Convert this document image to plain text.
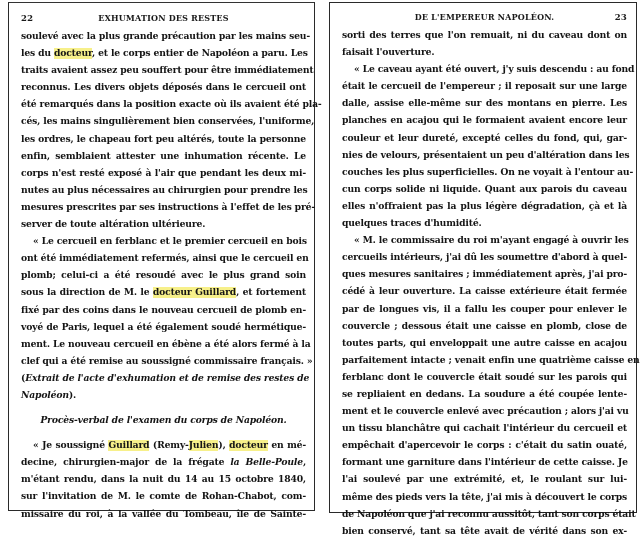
22	EXHUMATION DES RESTES
soulevé avec la plus grande précaution par les mains seu-
les du docteur, et le corps entier de Napoléon a paru. Les
traits avaient assez peu souffert pour être immédiatement
reconnus. Les divers objets déposés dans le cercueil ont
été remarqués dans la position exacte où ils avaient été pla-
cés, les mains singulièrement bien conservées, l'uniforme,
les ordres, le chapeau fort peu altérés, toute la personne
enfin, semblaient attester une inhumation récente. Le
corps n'est resté exposé à l'air que pendant les deux mi-
nutes au plus nécessaires au chirurgien pour prendre les
mesures prescrites par ses instructions à l'effet de les pré-
server de toute altération ultérieure.
« Le cercueil en ferblanc et le premier cercueil en bois
ont été immédiatement refermés, ainsi que le cercueil en
plomb; celui-ci a été resoudé avec le plus grand soin
sous la direction de M. le docteur Guillard, et fortement
fixé par des coins dans le nouveau cercueil de plomb en-
voyé de Paris, lequel a été également soudé hermétique-
ment. Le nouveau cercueil en ébène a été alors fermé à la
clef qui a été remise au soussigné commissaire français. »
(Extrait de l'acte d'exhumation et de remise des restes de
Napoléon).
Procès-verbal de l'examen du corps de Napoléon.
« Je soussigné Guillard (Remy-Julien), docteur en mé-
decine, chirurgien-major de la frégate la Belle-Poule,
m'étant rendu, dans la nuit du 14 au 15 octobre 1840,
sur l'invitation de M. le comte de Rohan-Chabot, com-
missaire du roi, à la vallée du Tombeau, île de Sainte-
DE L'EMPEREUR NAPOLÉON.	23
sorti des terres que l'on remuait, ni du caveau dont on
faisait l'ouverture.
« Le caveau ayant été ouvert, j'y suis descendu : au fond
était le cercueil de l'empereur ; il reposait sur une large
dalle, assise elle-même sur des montans en pierre. Les
planches en acajou qui le formaient avaient encore leur
couleur et leur dureté, excepté celles du fond, qui, gar-
nies de velours, présentaient un peu d'altération dans les
couches les plus superficielles. On ne voyait à l'entour au-
cun corps solide ni liquide. Quant aux parois du caveau
elles n'offraient pas la plus légère dégradation, çà et là
quelques traces d'humidité.
« M. le commissaire du roi m'ayant engagé à ouvrir les
cercueils intérieurs, j'ai dû les soumettre d'abord à quel-
ques mesures sanitaires ; immédiatement après, j'ai pro-
cédé à leur ouverture. La caisse extérieure était fermée
par de longues vis, il a fallu les couper pour enlever le
couvercle ; dessous était une caisse en plomb, close de
toutes parts, qui enveloppait une autre caisse en acajou
parfaitement intacte ; venait enfin une quatrième caisse en
ferblanc dont le couvercle était soudé sur les parois qui
se repliaient en dedans. La soudure a été coupée lente-
ment et le couvercle enlevé avec précaution ; alors j'ai vu
un tissu blanchâtre qui cachait l'intérieur du cercueil et
empêchait d'apercevoir le corps : c'était du satin ouaté,
formant une garniture dans l'intérieur de cette caisse. Je
l'ai soulevé par une extrémité, et, le roulant sur lui-
même des pieds vers la tête, j'ai mis à découvert le corps
de Napoléon que j'ai reconnu aussitôt, tant son corps était
bien conservé, tant sa tête avait de vérité dans son ex-
